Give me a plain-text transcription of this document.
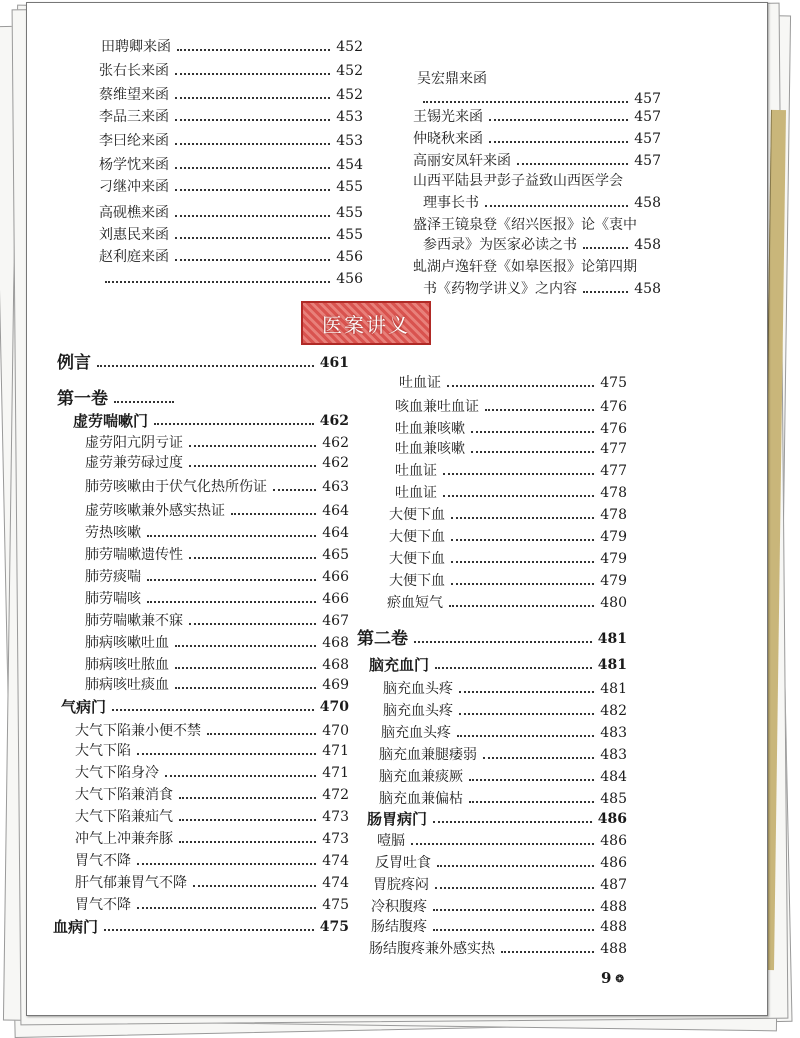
医案讲义
9 ❂
田聘卿来函	452
张右长来函	452
蔡维望来函	452
李品三来函	453
李曰纶来函	453
杨学忱来函	454
刁继冲来函	455
高砚樵来函	455
刘惠民来函	455
赵利庭来函	456
456
吴宏鼎来函
457
王锡光来函	457
仲晓秋来函	457
高丽安凤轩来函	457
山西平陆县尹彭子益致山西医学会
理事长书	458
盛泽王镜泉登《绍兴医报》论《衷中
参西录》为医家必读之书	458
虬湖卢逸轩登《如皋医报》论第四期
书《药物学讲义》之内容	458
例言	461
第一卷
虚劳喘嗽门	462
虚劳阳亢阴亏证	462
虚劳兼劳碌过度	462
肺劳咳嗽由于伏气化热所伤证	463
虚劳咳嗽兼外感实热证	464
劳热咳嗽	464
肺劳喘嗽遗传性	465
肺劳痰喘	466
肺劳喘咳	466
肺劳喘嗽兼不寐	467
肺病咳嗽吐血	468
肺病咳吐脓血	468
肺病咳吐痰血	469
气病门	470
大气下陷兼小便不禁	470
大气下陷	471
大气下陷身冷	471
大气下陷兼消食	472
大气下陷兼疝气	473
冲气上冲兼奔豚	473
胃气不降	474
肝气郁兼胃气不降	474
胃气不降	475
血病门	475
吐血证	475
咳血兼吐血证	476
吐血兼咳嗽	476
吐血兼咳嗽	477
吐血证	477
吐血证	478
大便下血	478
大便下血	479
大便下血	479
大便下血	479
瘀血短气	480
第二卷	481
脑充血门	481
脑充血头疼	481
脑充血头疼	482
脑充血头疼	483
脑充血兼腿痿弱	483
脑充血兼痰厥	484
脑充血兼偏枯	485
肠胃病门	486
噎膈	486
反胃吐食	486
胃脘疼闷	487
冷积腹疼	488
肠结腹疼	488
肠结腹疼兼外感实热	488
